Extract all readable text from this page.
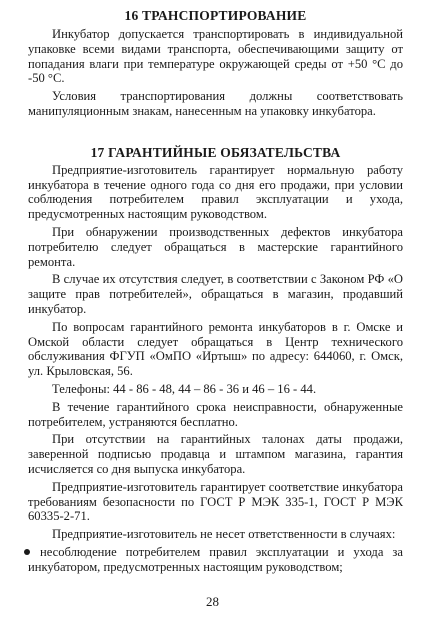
16 ТРАНСПОРТИРОВАНИЕ

Инкубатор допускается транспортировать в индивидуальной упаковке всеми видами транспорта, обеспечивающими защиту от попадания влаги при температуре окружающей среды от +50 °С до -50 °С.

Условия транспортирования должны соответствовать манипуляционным знакам, нанесенным на упаковку инкубатора.

17 ГАРАНТИЙНЫЕ ОБЯЗАТЕЛЬСТВА

Предприятие-изготовитель гарантирует нормальную работу инкубатора в течение одного года со дня его продажи, при условии соблюдения потребителем правил эксплуатации и ухода, предусмотренных настоящим руководством.

При обнаружении производственных дефектов инкубатора потребителю следует обращаться в мастерские гарантийного ремонта.

В случае их отсутствия следует, в соответствии с Законом РФ «О защите прав потребителей», обращаться в магазин, продавший инкубатор.

По вопросам гарантийного ремонта инкубаторов в г. Омске и Омской области следует обращаться в Центр технического обслуживания ФГУП «ОмПО «Иртыш» по адресу: 644060, г. Омск, ул. Крыловская, 56.

Телефоны: 44 - 86 - 48, 44 – 86 - 36 и 46 – 16 - 44.

В течение гарантийного срока неисправности, обнаруженные потребителем, устраняются бесплатно.

При отсутствии на гарантийных талонах даты продажи, заверенной подписью продавца и штампом магазина, гарантия исчисляется со дня выпуска инкубатора.

Предприятие-изготовитель гарантирует соответствие инкубатора требованиям безопасности по ГОСТ Р МЭК 335-1, ГОСТ Р МЭК 60335-2-71.

Предприятие-изготовитель не несет ответственности в случаях:

несоблюдение потребителем правил эксплуатации и ухода за инкубатором, предусмотренных настоящим руководством;

28
